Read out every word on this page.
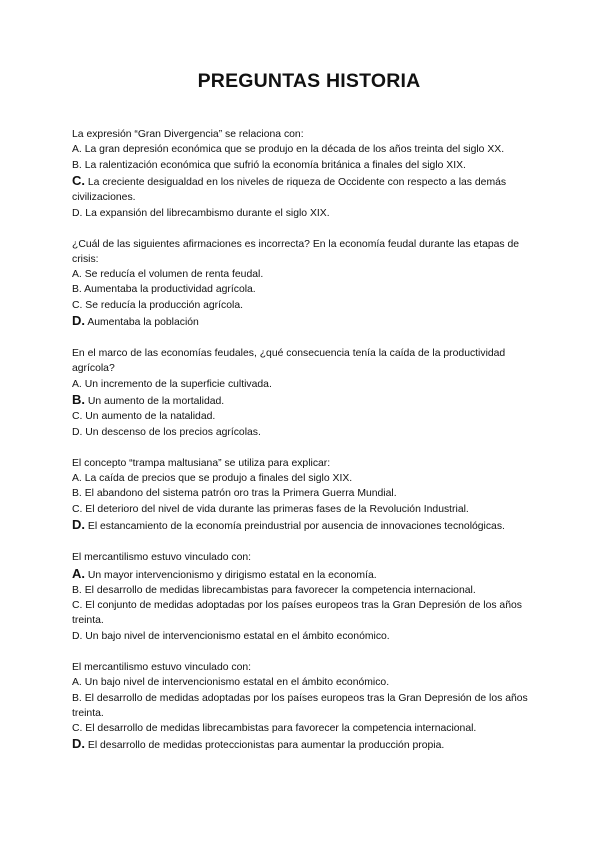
PREGUNTAS HISTORIA

La expresión “Gran Divergencia” se relaciona con:

A. La gran depresión económica que se produjo en la década de los años treinta del siglo XX.

B. La ralentización económica que sufrió la economía británica a finales del siglo XIX.

C. La creciente desigualdad en los niveles de riqueza de Occidente con respecto a las demás civilizaciones.

D. La expansión del librecambismo durante el siglo XIX.

¿Cuál de las siguientes afirmaciones es incorrecta? En la economía feudal durante las etapas de crisis:

A. Se reducía el volumen de renta feudal.

B. Aumentaba la productividad agrícola.

C. Se reducía la producción agrícola.

D. Aumentaba la población

En el marco de las economías feudales, ¿qué consecuencia tenía la caída de la productividad agrícola?

A. Un incremento de la superficie cultivada.

B. Un aumento de la mortalidad.

C. Un aumento de la natalidad.

D. Un descenso de los precios agrícolas.

El concepto “trampa maltusiana” se utiliza para explicar:

A. La caída de precios que se produjo a finales del siglo XIX.

B. El abandono del sistema patrón oro tras la Primera Guerra Mundial.

C. El deterioro del nivel de vida durante las primeras fases de la Revolución Industrial.

D. El estancamiento de la economía preindustrial por ausencia de innovaciones tecnológicas.

El mercantilismo estuvo vinculado con:

A. Un mayor intervencionismo y dirigismo estatal en la economía.

B. El desarrollo de medidas librecambistas para favorecer la competencia internacional.

C. El conjunto de medidas adoptadas por los países europeos tras la Gran Depresión de los años treinta.

D. Un bajo nivel de intervencionismo estatal en el ámbito económico.

El mercantilismo estuvo vinculado con:

A. Un bajo nivel de intervencionismo estatal en el ámbito económico.

B. El desarrollo de medidas adoptadas por los países europeos tras la Gran Depresión de los años treinta.

C. El desarrollo de medidas librecambistas para favorecer la competencia internacional.

D. El desarrollo de medidas proteccionistas para aumentar la producción propia.
